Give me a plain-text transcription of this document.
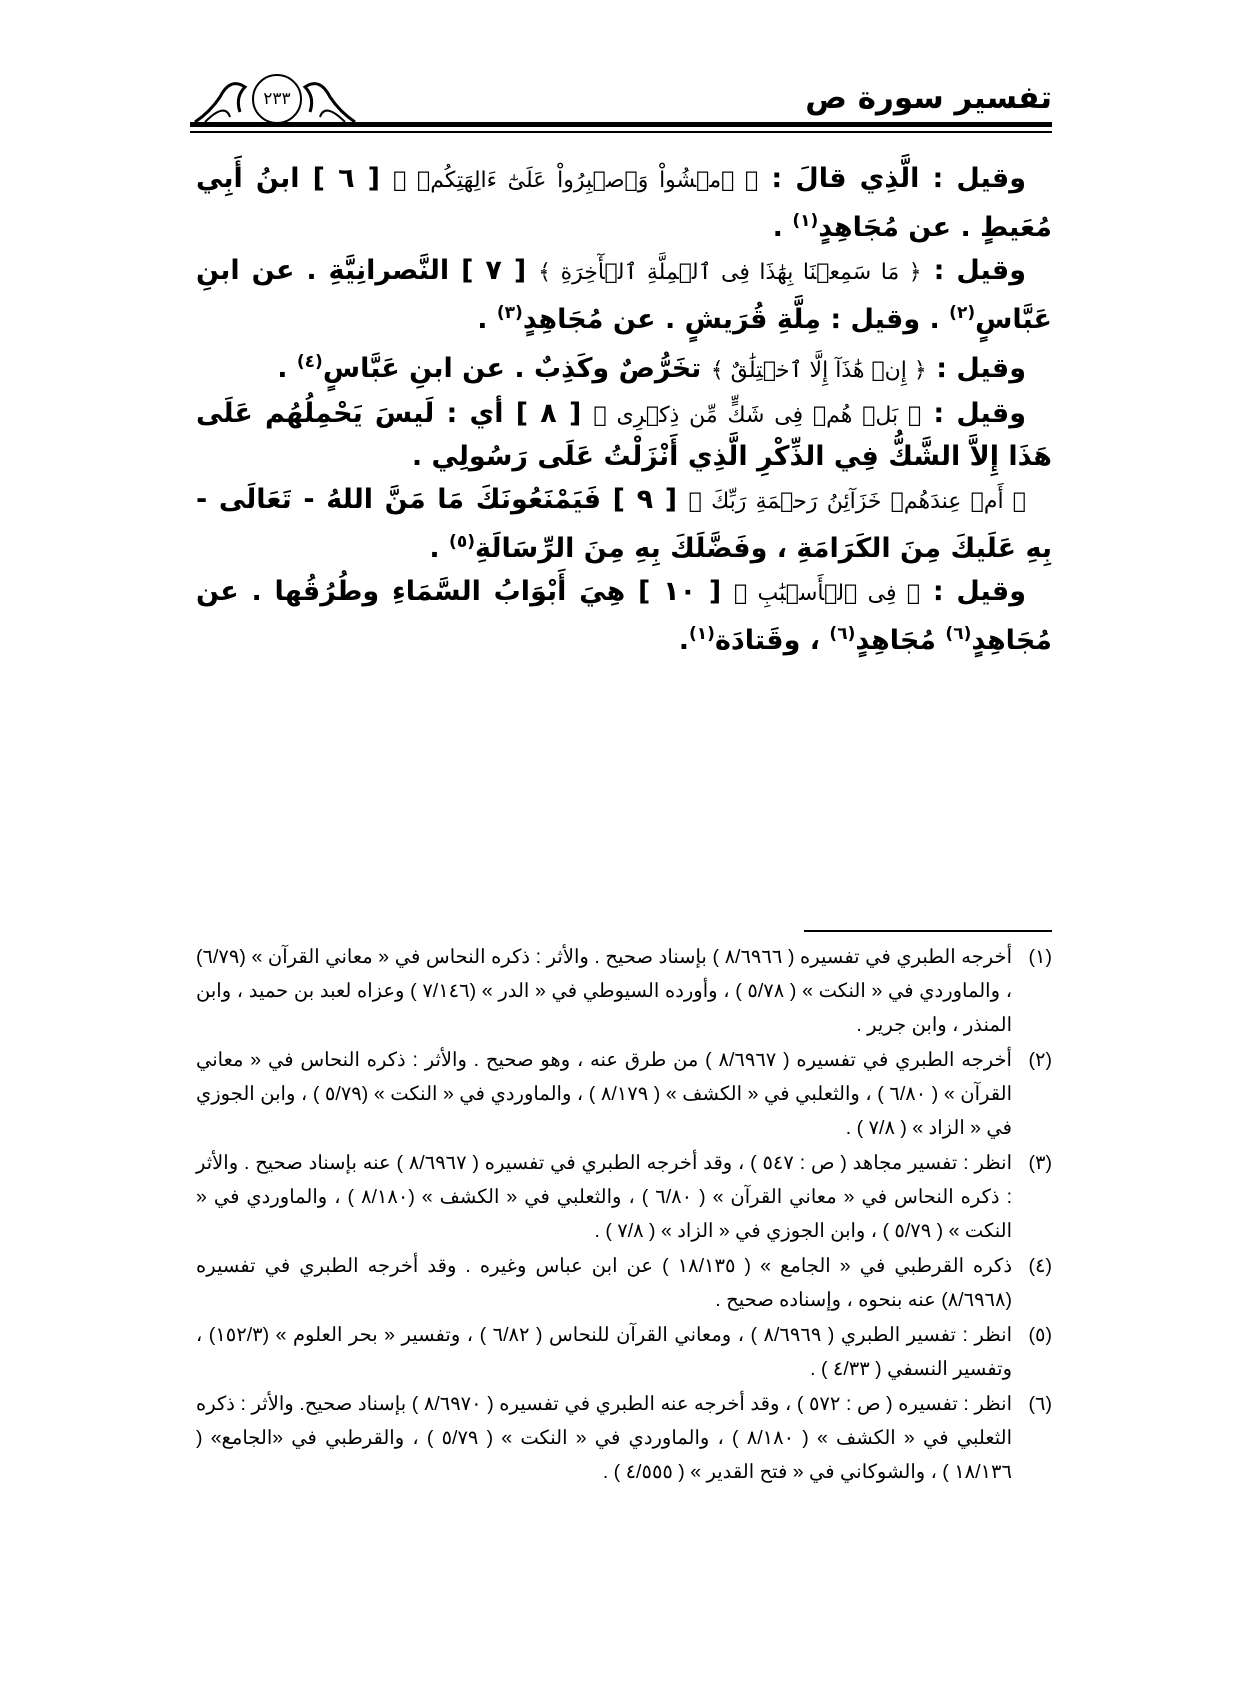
تفسير سورة ص
٢٣٣

وقيل : الَّذِي قالَ : ﴿ ٱمۡشُواْ وَٱصۡبِرُواْ عَلَىٰٓ ءَالِهَتِكُمۡ ﴾ [ ٦ ] ابنُ أَبِي مُعَيطٍ . عن مُجَاهِدٍ$^{(١)}$ .

وقيل : ﴿ مَا سَمِعۡنَا بِهَٰذَا فِى ٱلۡمِلَّةِ ٱلۡأٓخِرَةِ ﴾ [ ٧ ] النَّصرانِيَّةِ . عن ابنِ عَبَّاسٍ$^{(٢)}$ . وقيل : مِلَّةِ قُرَيشٍ . عن مُجَاهِدٍ$^{(٣)}$ .

وقيل : ﴿ إِنۡ هَٰذَآ إِلَّا ٱخۡتِلَٰقٌ ﴾ تخَرُّصٌ وكَذِبٌ . عن ابنِ عَبَّاسٍ$^{(٤)}$ .

وقيل : ﴿ بَلۡ هُمۡ فِى شَكٍّ مِّن ذِكۡرِى ﴾ [ ٨ ] أي : لَيسَ يَحْمِلُهُم عَلَى هَذَا إِلاَّ الشَّكُّ فِي الذِّكْرِ الَّذِي أَنْزَلْتُ عَلَى رَسُولِي .

﴿ أَمۡ عِندَهُمۡ خَزَآئِنُ رَحۡمَةِ رَبِّكَ ﴾ [ ٩ ] فَيَمْنَعُونَكَ مَا مَنَّ اللهُ - تَعَالَى - بِهِ عَلَيكَ مِنَ الكَرَامَةِ ، وفَضَّلَكَ بِهِ مِنَ الرِّسَالَةِ$^{(٥)}$ .

وقيل : ﴿ فِى ٱلۡأَسۡبَٰبِ ﴾ [ ١٠ ] هِيَ أَبْوَابُ السَّمَاءِ وطُرُقُها . عن مُجَاهِدٍ$^{(٦)}$ مُجَاهِدٍ$^{(٦)}$ ، وقَتادَة$^{(١)}$.

(١)
أخرجه الطبري في تفسيره ( ٨/٦٩٦٦ ) بإسناد صحيح . والأثر : ذكره النحاس في « معاني القرآن » (٦/٧٩) ، والماوردي في « النكت » ( ٥/٧٨ ) ، وأورده السيوطي في « الدر » (٧/١٤٦ ) وعزاه لعبد بن حميد ، وابن المنذر ، وابن جرير .
(٢)
أخرجه الطبري في تفسيره ( ٨/٦٩٦٧ ) من طرق عنه ، وهو صحيح . والأثر : ذكره النحاس في « معاني القرآن » ( ٦/٨٠ ) ، والثعلبي في « الكشف » ( ٨/١٧٩ ) ، والماوردي في « النكت » (٥/٧٩ ) ، وابن الجوزي في « الزاد » ( ٧/٨ ) .
(٣)
انظر : تفسير مجاهد ( ص : ٥٤٧ ) ، وقد أخرجه الطبري في تفسيره ( ٨/٦٩٦٧ ) عنه بإسناد صحيح . والأثر : ذكره النحاس في « معاني القرآن » ( ٦/٨٠ ) ، والثعلبي في « الكشف » (٨/١٨٠ ) ، والماوردي في « النكت » ( ٥/٧٩ ) ، وابن الجوزي في « الزاد » ( ٧/٨ ) .
(٤)
ذكره القرطبي في « الجامع » ( ١٨/١٣٥ ) عن ابن عباس وغيره . وقد أخرجه الطبري في تفسيره (٨/٦٩٦٨) عنه بنحوه ، وإسناده صحيح .
(٥)
انظر : تفسير الطبري ( ٨/٦٩٦٩ ) ، ومعاني القرآن للنحاس ( ٦/٨٢ ) ، وتفسير « بحر العلوم » (١٥٢/٣) ، وتفسير النسفي ( ٤/٣٣ ) .
(٦)
انظر : تفسيره ( ص : ٥٧٢ ) ، وقد أخرجه عنه الطبري في تفسيره ( ٨/٦٩٧٠ ) بإسناد صحيح. والأثر : ذكره الثعلبي في « الكشف » ( ٨/١٨٠ ) ، والماوردي في « النكت » ( ٥/٧٩ ) ، والقرطبي في «الجامع» ( ١٨/١٣٦ ) ، والشوكاني في « فتح القدير » ( ٤/٥٥٥ ) .
